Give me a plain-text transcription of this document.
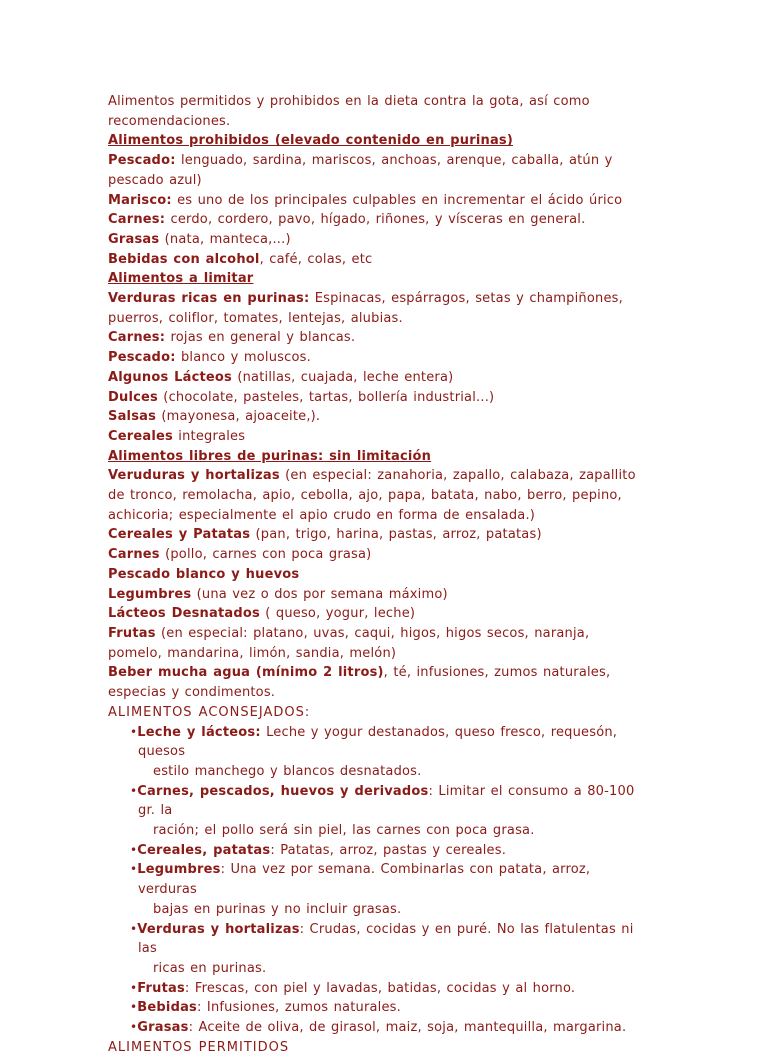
Alimentos permitidos y prohibidos en la dieta contra la gota, así como recomendaciones.

Alimentos prohibidos (elevado contenido en purinas)

Pescado: lenguado, sardina, mariscos, anchoas, arenque, caballa, atún y pescado azul)

Marisco: es uno de los principales culpables en incrementar el ácido úrico

Carnes: cerdo, cordero, pavo, hígado, riñones, y vísceras en general.

Grasas (nata, manteca,...)

Bebidas con alcohol, café, colas, etc

Alimentos a limitar

Verduras ricas en purinas: Espinacas, espárragos, setas y champiñones, puerros, coliflor, tomates, lentejas, alubias.

Carnes: rojas en general y blancas.

Pescado: blanco y moluscos.

Algunos Lácteos (natillas, cuajada, leche entera)

Dulces (chocolate, pasteles, tartas, bollería industrial...)

Salsas (mayonesa, ajoaceite,).

Cereales integrales

Alimentos libres de purinas: sin limitación

Veruduras y hortalizas (en especial: zanahoria, zapallo, calabaza, zapallito de tronco, remolacha, apio, cebolla, ajo, papa, batata, nabo, berro, pepino, achicoria; especialmente el apio crudo en forma de ensalada.)

Cereales y Patatas (pan, trigo, harina, pastas, arroz, patatas)

Carnes (pollo, carnes con poca grasa)

Pescado blanco y huevos

Legumbres (una vez o dos por semana máximo)

Lácteos Desnatados ( queso, yogur, leche)

Frutas (en especial: platano, uvas, caqui, higos, higos secos, naranja, pomelo, mandarina, limón, sandia, melón)

Beber mucha agua (mínimo 2 litros), té, infusiones, zumos naturales, especias y condimentos.

ALIMENTOS ACONSEJADOS:

•Leche y lácteos: Leche y yogur destanados, queso fresco, requesón, quesos
estilo manchego y blancos desnatados.
•Carnes, pescados, huevos y derivados: Limitar el consumo a 80-100 gr. la
ración; el pollo será sin piel, las carnes con poca grasa.
•Cereales, patatas: Patatas, arroz, pastas y cereales.
•Legumbres: Una vez por semana. Combinarlas con patata, arroz, verduras
bajas en purinas y no incluir grasas.
•Verduras y hortalizas: Crudas, cocidas y en puré. No las flatulentas ni las
ricas en purinas.
•Frutas: Frescas, con piel y lavadas, batidas, cocidas y al horno.
•Bebidas: Infusiones, zumos naturales.
•Grasas: Aceite de oliva, de girasol, maiz, soja, mantequilla, margarina.

ALIMENTOS PERMITIDOS
